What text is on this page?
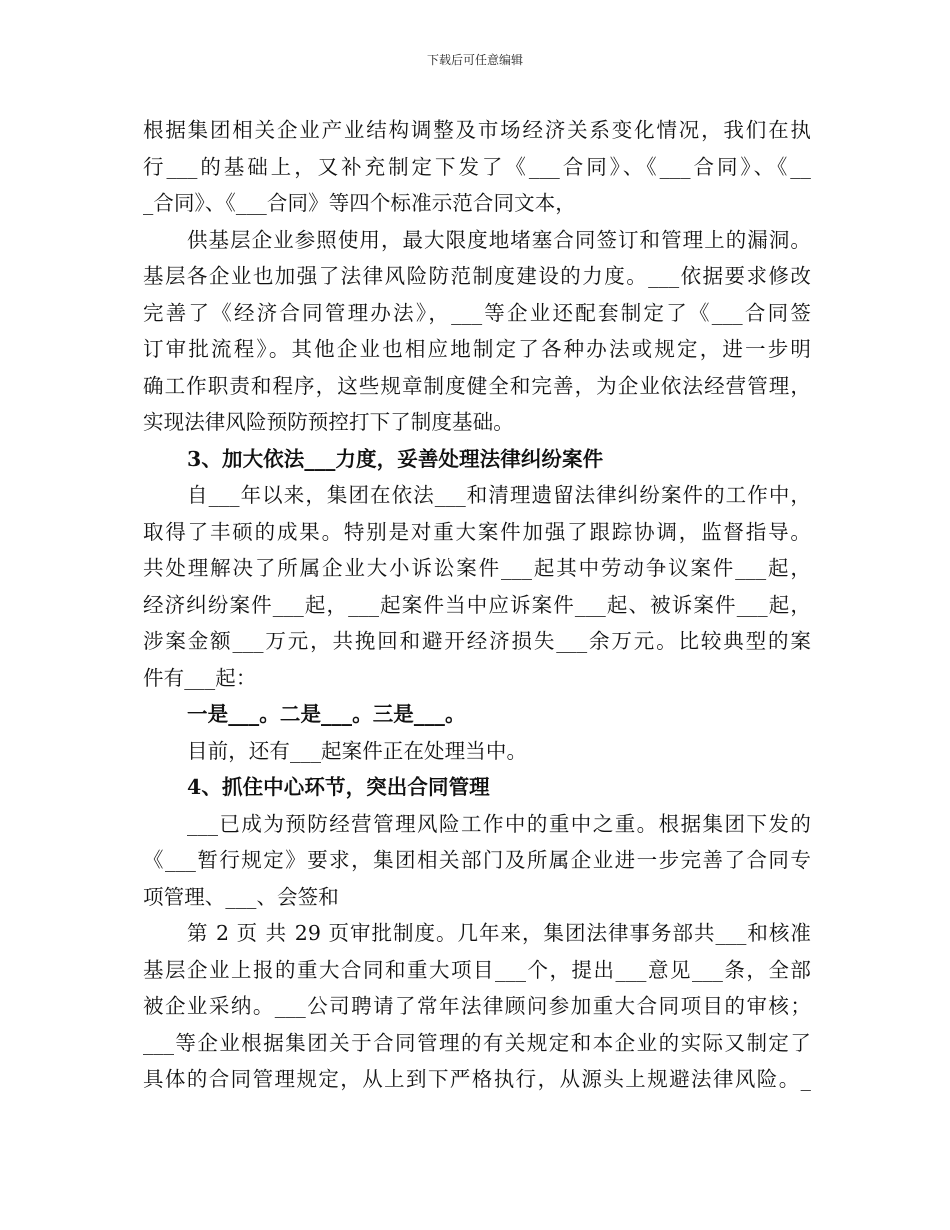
下载后可任意编辑
根据集团相关企业产业结构调整及市场经济关系变化情况，我们在执
行___的基础上，又补充制定下发了《___合同》、《___合同》、《__
_合同》、《___合同》等四个标准示范合同文本，
供基层企业参照使用，最大限度地堵塞合同签订和管理上的漏洞。
基层各企业也加强了法律风险防范制度建设的力度。___依据要求修改
完善了《经济合同管理办法》，___等企业还配套制定了《___合同签
订审批流程》。其他企业也相应地制定了各种办法或规定，进一步明
确工作职责和程序，这些规章制度健全和完善，为企业依法经营管理，
实现法律风险预防预控打下了制度基础。
3、加大依法___力度，妥善处理法律纠纷案件
自___年以来，集团在依法___和清理遗留法律纠纷案件的工作中，
取得了丰硕的成果。特别是对重大案件加强了跟踪协调，监督指导。
共处理解决了所属企业大小诉讼案件___起其中劳动争议案件___起，
经济纠纷案件___起，___起案件当中应诉案件___起、被诉案件___起，
涉案金额___万元，共挽回和避开经济损失___余万元。比较典型的案
件有___起：
一是___。二是___。三是___。
目前，还有___起案件正在处理当中。
4、抓住中心环节，突出合同管理
___已成为预防经营管理风险工作中的重中之重。根据集团下发的
《___暂行规定》要求，集团相关部门及所属企业进一步完善了合同专
项管理、___、会签和
第 2 页 共 29 页审批制度。几年来，集团法律事务部共___和核准
基层企业上报的重大合同和重大项目___个，提出___意见___条，全部
被企业采纳。___公司聘请了常年法律顾问参加重大合同项目的审核；
___等企业根据集团关于合同管理的有关规定和本企业的实际又制定了
具体的合同管理规定，从上到下严格执行，从源头上规避法律风险。_
